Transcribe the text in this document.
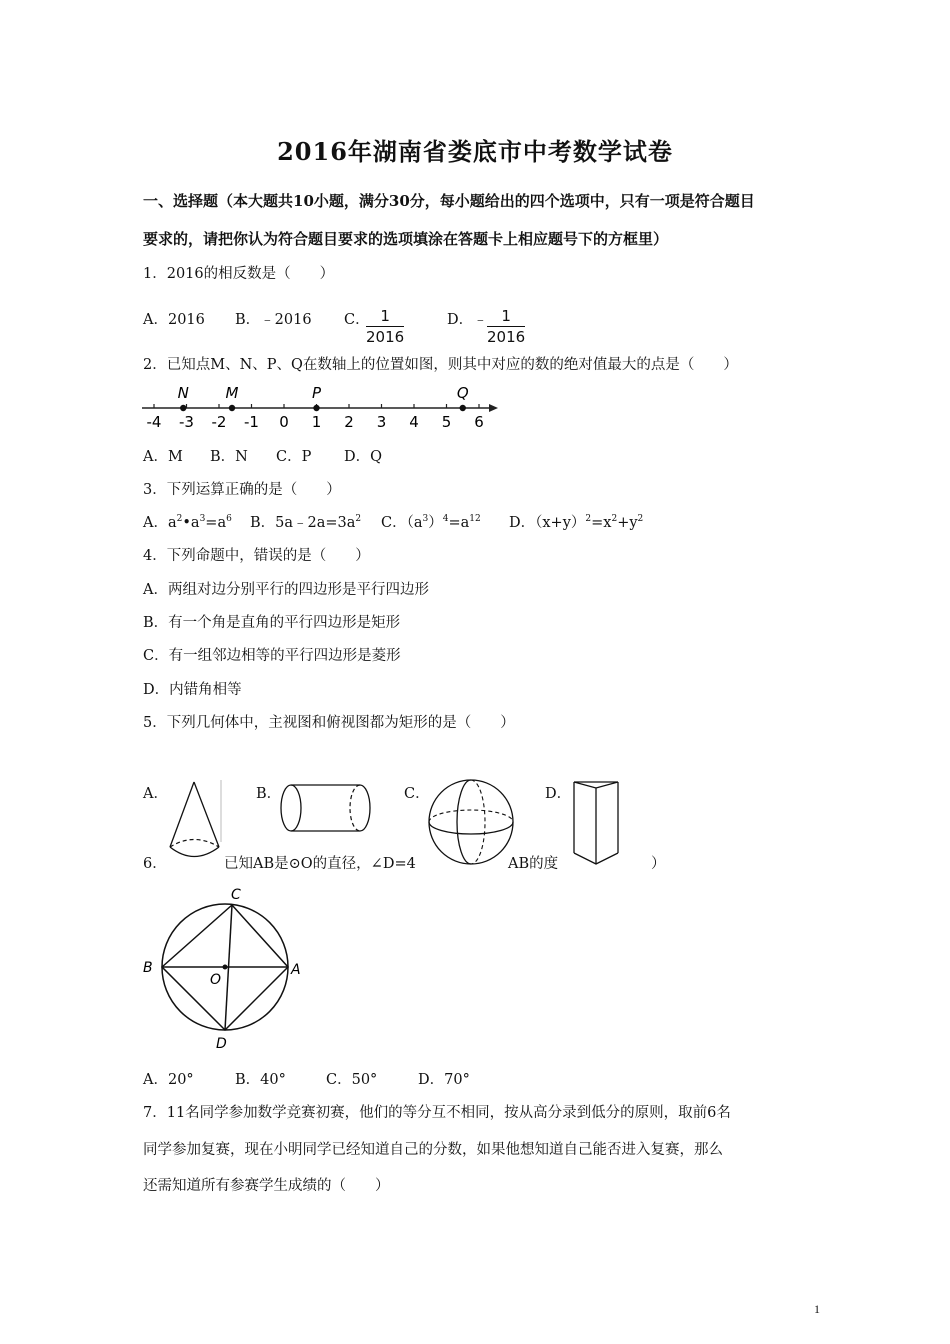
2016年湖南省娄底市中考数学试卷
一、选择题（本大题共10小题，满分30分，每小题给出的四个选项中，只有一项是符合题目
要求的，请把你认为符合题目要求的选项填涂在答题卡上相应题号下的方框里）
1．2016的相反数是（　　）
A．2016 B．﹣2016 C．
$\frac{1}{2016}$	D．﹣ $\frac{1}{2016}$
2．已知点M、N、P、Q在数轴上的位置如图，则其中对应的数的绝对值最大的点是（　　）
-4 -3 -2 -1 0 1 2 3 4 5 6
N M	P	Q
A．M B．N C．P D．Q
3．下列运算正确的是（　　）
A．$a^2•a^3=a^6$ B．$5a﹣2a=3a^2$ C．$(a^3)^4=a^{12}$ D．$(x+y)^2=x^2+y^2$
4．下列命题中，错误的是（　　）
A．两组对边分别平行的四边形是平行四边形
B．有一个角是直角的平行四边形是矩形
C．有一组邻边相等的平行四边形是菱形
D．内错角相等
5．下列几何体中，主视图和俯视图都为矩形的是（　　）
A．	B．	C．	D．
6．	已知AB是⊙O的直径，∠D=4	AB的度	）
C
B
O
A
D
A．20°	B．40°	C．50°	D．70°
7．11名同学参加数学竞赛初赛，他们的等分互不相同，按从高分录到低分的原则，取前6名
同学参加复赛，现在小明同学已经知道自己的分数，如果他想知道自己能否进入复赛，那么
还需知道所有参赛学生成绩的（　　）
1
